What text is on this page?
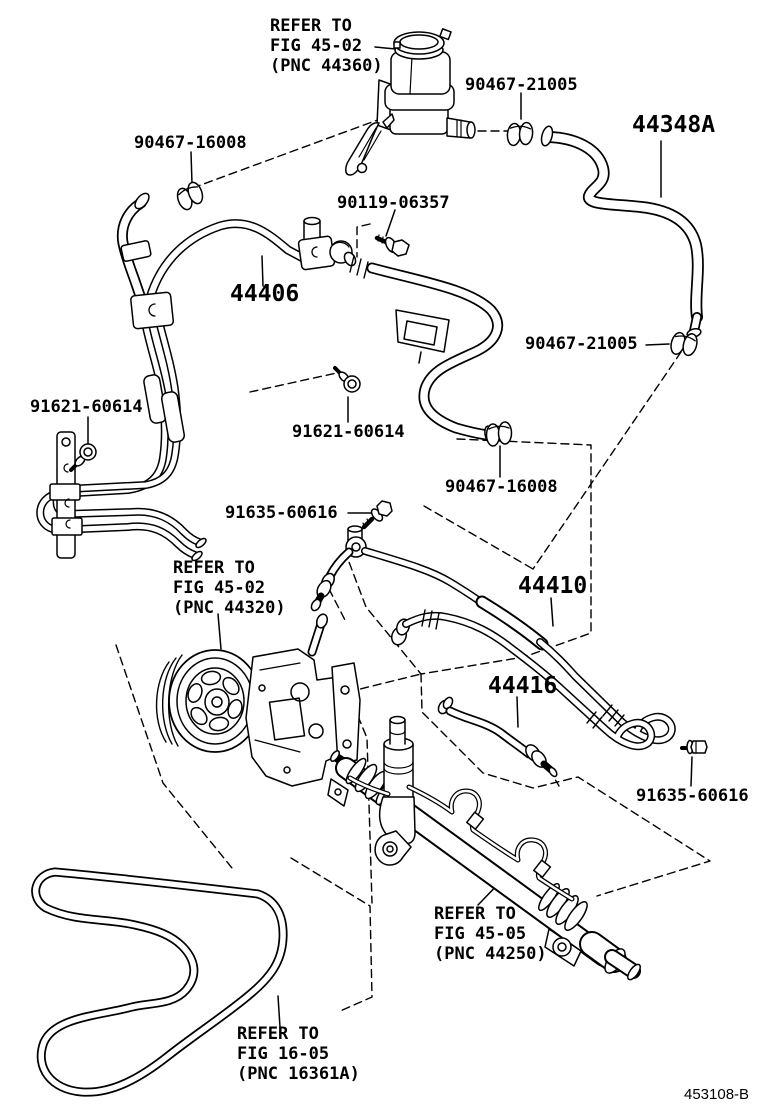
REFER TO
FIG 45-02
(PNC 44360)
90467-21005
44348A
90467-16008
90119-06357
44406
90467-21005
91621-60614
91621-60614
90467-16008
91635-60616
REFER TO
FIG 45-02
(PNC 44320)
44410
44416
91635-60616
REFER TO
FIG 45-05
(PNC 44250)
REFER TO
FIG 16-05
(PNC 16361A)
453108-B
